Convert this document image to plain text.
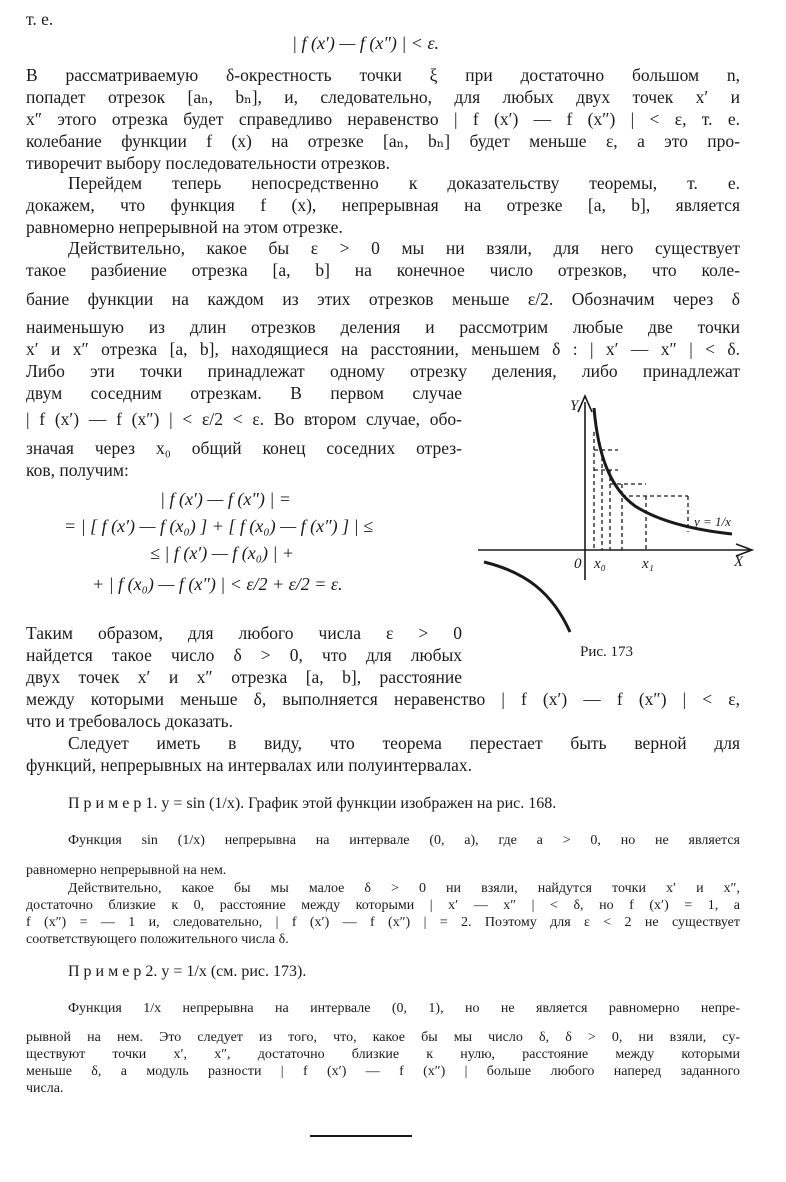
т. е.
| f (x′) — f (x″) | < ε.
В рассматриваемую δ-окрестность точки ξ при достаточно большом n,
попадет отрезок [aₙ, bₙ], и, следовательно, для любых двух точек x′ и
x″ этого отрезка будет справедливо неравенство | f (x′) — f (x″) | < ε, т. е.
колебание функции f (x) на отрезке [aₙ, bₙ] будет меньше ε, а это про-
тиворечит выбору последовательности отрезков.
Перейдем теперь непосредственно к доказательству теоремы, т. е.
докажем, что функция f (x), непрерывная на отрезке [a, b], является
равномерно непрерывной на этом отрезке.
Действительно, какое бы ε > 0 мы ни взяли, для него существует
такое разбиение отрезка [a, b] на конечное число отрезков, что коле-
бание функции на каждом из этих отрезков меньше ε/2. Обозначим через δ
наименьшую из длин отрезков деления и рассмотрим любые две точки
x′ и x″ отрезка [a, b], находящиеся на расстоянии, меньшем δ : | x′ — x″ | < δ.
Либо эти точки принадлежат одному отрезку деления, либо принадлежат
двум соседним отрезкам. В первом случае
| f (x′) — f (x″) | < ε/2 < ε. Во втором случае, обо-
значая через x₀ общий конец соседних отрез-
ков, получим:
| f (x′) — f (x″) | =
= | [ f (x′) — f (x₀) ] + [ f (x₀) — f (x″) ] | ≤
≤ | f (x′) — f (x₀) | +
+ | f (x₀) — f (x″) | < ε/2 + ε/2 = ε.
Таким образом, для любого числа ε > 0
найдется такое число δ > 0, что для любых
двух точек x′ и x″ отрезка [a, b], расстояние
между которыми меньше δ, выполняется неравенство | f (x′) — f (x″) | < ε,
что и требовалось доказать.
Следует иметь в виду, что теорема перестает быть верной для
функций, непрерывных на интервалах или полуинтервалах.
П р и м е р 1. y = sin (1/x). График этой функции изображен на рис. 168.
Функция sin (1/x) непрерывна на интервале (0, a), где a > 0, но не является
равномерно непрерывной на нем.
Действительно, какое бы мы малое δ > 0 ни взяли, найдутся точки x′ и x″,
достаточно близкие к 0, расстояние между которыми | x′ — x″ | < δ, но f (x′) = 1, а
f (x″) = — 1 и, следовательно, | f (x′) — f (x″) | = 2. Поэтому для ε < 2 не существует
соответствующего положительного числа δ.
П р и м е р 2. y = 1/x (см. рис. 173).
Функция 1/x непрерывна на интервале (0, 1), но не является равномерно непре-
рывной на нем. Это следует из того, что, какое бы мы число δ, δ > 0, ни взяли, су-
ществуют точки x′, x″, достаточно близкие к нулю, расстояние между которыми
меньше δ, а модуль разности | f (x′) — f (x″) | больше любого наперед заданного
числа.
Y
X
0 x₀ x₁
y = 1/x
Рис. 173
